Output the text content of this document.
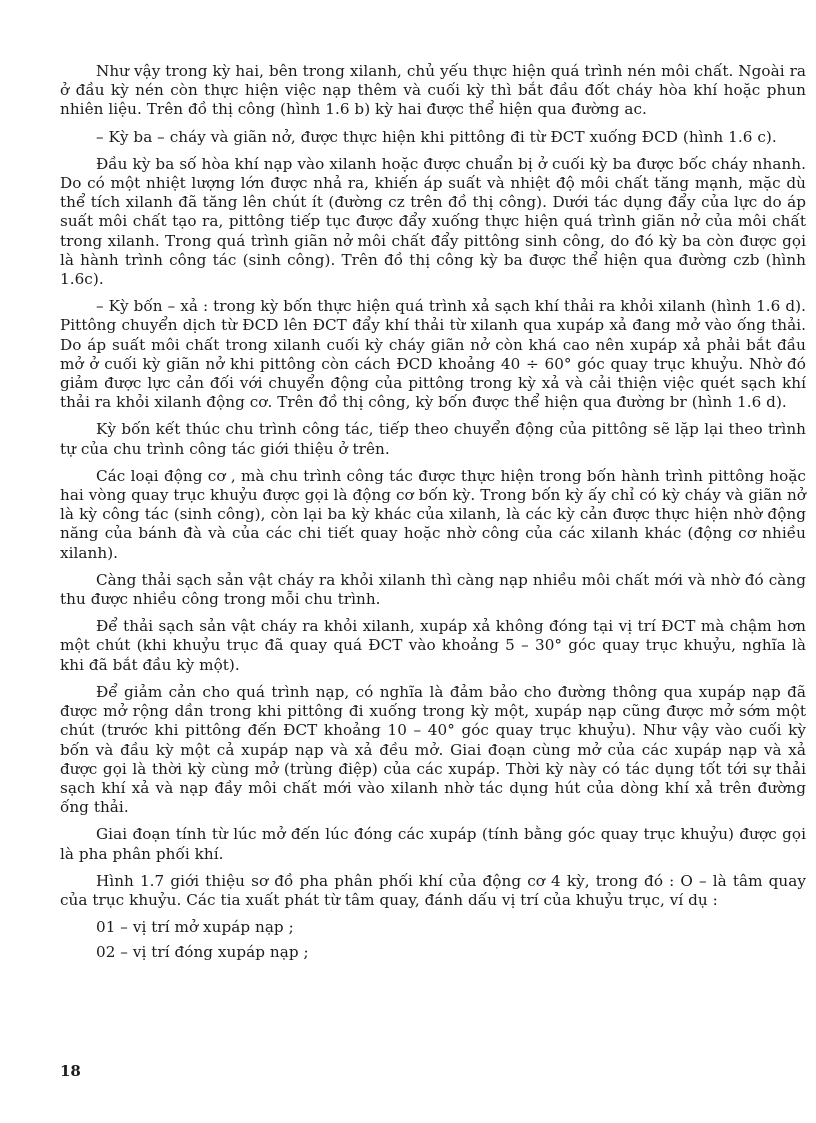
Như vậy trong kỳ hai, bên trong xilanh, chủ yếu thực hiện quá trình nén môi chất. Ngoài ra ở đầu kỳ nén còn thực hiện việc nạp thêm và cuối kỳ thì bắt đầu đốt cháy hòa khí hoặc phun nhiên liệu. Trên đồ thị công (hình 1.6 b) kỳ hai được thể hiện qua đường ac.

– Kỳ ba – cháy và giãn nở, được thực hiện khi pittông đi từ ĐCT xuống ĐCD (hình 1.6 c).

Đầu kỳ ba số hòa khí nạp vào xilanh hoặc được chuẩn bị ở cuối kỳ ba được bốc cháy nhanh. Do có một nhiệt lượng lớn được nhả ra, khiến áp suất và nhiệt độ môi chất tăng mạnh, mặc dù thể tích xilanh đã tăng lên chút ít (đường cz trên đồ thị công). Dưới tác dụng đẩy của lực do áp suất môi chất tạo ra, pittông tiếp tục được đẩy xuống thực hiện quá trình giãn nở của môi chất trong xilanh. Trong quá trình giãn nở môi chất đẩy pittông sinh công, do đó kỳ ba còn được gọi là hành trình công tác (sinh công). Trên đồ thị công kỳ ba được thể hiện qua đường czb (hình 1.6c).

– Kỳ bốn – xả : trong kỳ bốn thực hiện quá trình xả sạch khí thải ra khỏi xilanh (hình 1.6 d). Pittông chuyển dịch từ ĐCD lên ĐCT đẩy khí thải từ xilanh qua xupáp xả đang mở vào ống thải. Do áp suất môi chất trong xilanh cuối kỳ cháy giãn nở còn khá cao nên xupáp xả phải bắt đầu mở ở cuối kỳ giãn nở khi pittông còn cách ĐCD khoảng 40 ÷ 60° góc quay trục khuỷu. Nhờ đó giảm được lực cản đối với chuyển động của pittông trong kỳ xả và cải thiện việc quét sạch khí thải ra khỏi xilanh động cơ. Trên đồ thị công, kỳ bốn được thể hiện qua đường br (hình 1.6 d).

Kỳ bốn kết thúc chu trình công tác, tiếp theo chuyển động của pittông sẽ lặp lại theo trình tự của chu trình công tác giới thiệu ở trên.

Các loại động cơ , mà chu trình công tác được thực hiện trong bốn hành trình pittông hoặc hai vòng quay trục khuỷu được gọi là động cơ bốn kỳ. Trong bốn kỳ ấy chỉ có kỳ cháy và giãn nở là kỳ công tác (sinh công), còn lại ba kỳ khác của xilanh, là các kỳ cản được thực hiện nhờ động năng của bánh đà và của các chi tiết quay hoặc nhờ công của các xilanh khác (động cơ nhiều xilanh).

Càng thải sạch sản vật cháy ra khỏi xilanh thì càng nạp nhiều môi chất mới và nhờ đó càng thu được nhiều công trong mỗi chu trình.

Để thải sạch sản vật cháy ra khỏi xilanh, xupáp xả không đóng tại vị trí ĐCT mà chậm hơn một chút (khi khuỷu trục đã quay quá ĐCT vào khoảng 5 – 30° góc quay trục khuỷu, nghĩa là khi đã bắt đầu kỳ một).

Để giảm cản cho quá trình nạp, có nghĩa là đảm bảo cho đường thông qua xupáp nạp đã được mở rộng dần trong khi pittông đi xuống trong kỳ một, xupáp nạp cũng được mở sớm một chút (trước khi pittông đến ĐCT khoảng 10 – 40° góc quay trục khuỷu). Như vậy vào cuối kỳ bốn và đầu kỳ một cả xupáp nạp và xả đều mở. Giai đoạn cùng mở của các xupáp nạp và xả được gọi là thời kỳ cùng mở (trùng điệp) của các xupáp. Thời kỳ này có tác dụng tốt tới sự thải sạch khí xả và nạp đầy môi chất mới vào xilanh nhờ tác dụng hút của dòng khí xả trên đường ống thải.

Giai đoạn tính từ lúc mở đến lúc đóng các xupáp (tính bằng góc quay trục khuỷu) được gọi là pha phân phối khí.

Hình 1.7 giới thiệu sơ đồ pha phân phối khí của động cơ 4 kỳ, trong đó : O – là tâm quay của trục khuỷu. Các tia xuất phát từ tâm quay, đánh dấu vị trí của khuỷu trục, ví dụ :

01 – vị trí mở xupáp nạp ;

02 – vị trí đóng xupáp nạp ;

18
